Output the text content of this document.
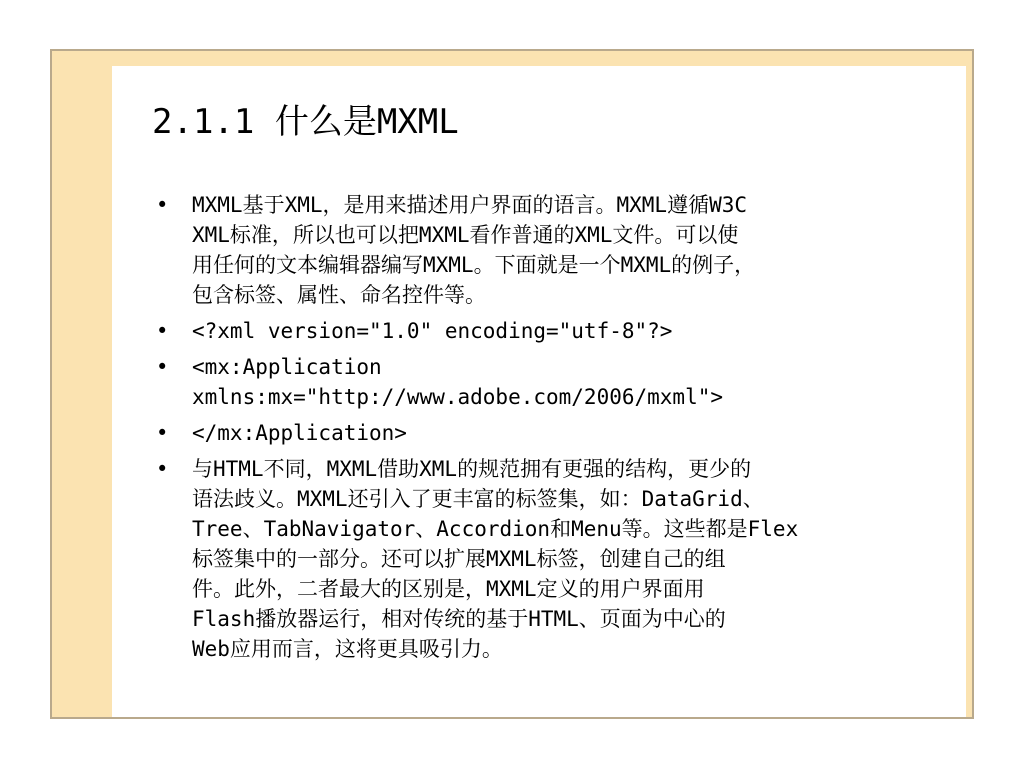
2.1.1 什么是MXML
•	MXML基于XML，是用来描述用户界面的语言。MXML遵循W3C
XML标准，所以也可以把MXML看作普通的XML文件。可以使
用任何的文本编辑器编写MXML。下面就是一个MXML的例子，
包含标签、属性、命名控件等。
•	<?xml version="1.0" encoding="utf-8"?>
•	<mx:Application
xmlns:mx="http://www.adobe.com/2006/mxml">
•	</mx:Application>
•	与HTML不同，MXML借助XML的规范拥有更强的结构，更少的
语法歧义。MXML还引入了更丰富的标签集，如：DataGrid、
Tree、TabNavigator、Accordion和Menu等。这些都是Flex
标签集中的一部分。还可以扩展MXML标签，创建自己的组
件。此外，二者最大的区别是，MXML定义的用户界面用
Flash播放器运行，相对传统的基于HTML、页面为中心的
Web应用而言，这将更具吸引力。
